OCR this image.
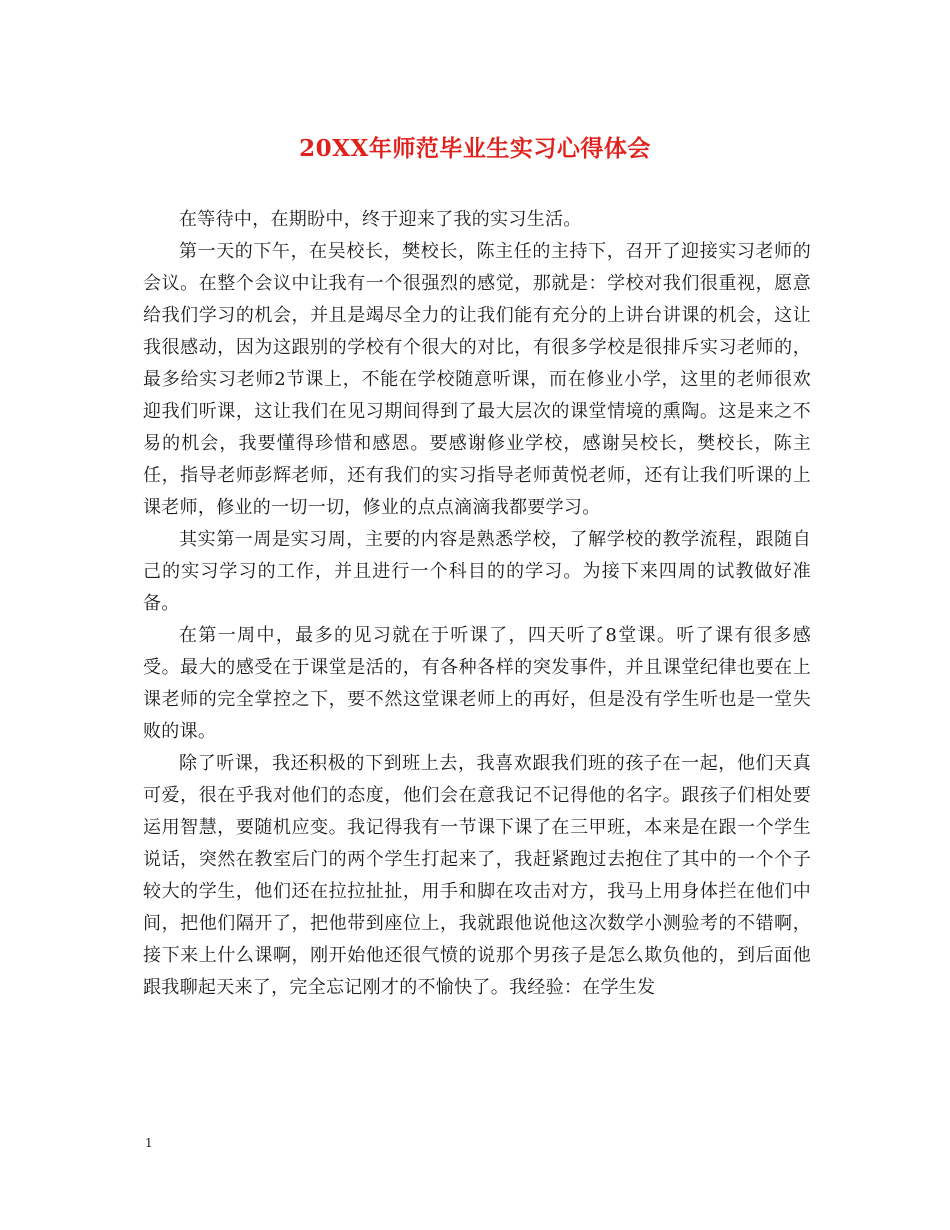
20XX年师范毕业生实习心得体会

在等待中，在期盼中，终于迎来了我的实习生活。

第一天的下午，在吴校长，樊校长，陈主任的主持下，召开了迎接实习老师的会议。在整个会议中让我有一个很强烈的感觉，那就是：学校对我们很重视，愿意给我们学习的机会，并且是竭尽全力的让我们能有充分的上讲台讲课的机会，这让我很感动，因为这跟别的学校有个很大的对比，有很多学校是很排斥实习老师的，最多给实习老师2节课上，不能在学校随意听课，而在修业小学，这里的老师很欢迎我们听课，这让我们在见习期间得到了最大层次的课堂情境的熏陶。这是来之不易的机会，我要懂得珍惜和感恩。要感谢修业学校，感谢吴校长，樊校长，陈主任，指导老师彭辉老师，还有我们的实习指导老师黄悦老师，还有让我们听课的上课老师，修业的一切一切，修业的点点滴滴我都要学习。

其实第一周是实习周，主要的内容是熟悉学校，了解学校的教学流程，跟随自己的实习学习的工作，并且进行一个科目的的学习。为接下来四周的试教做好准备。

在第一周中，最多的见习就在于听课了，四天听了8堂课。听了课有很多感受。最大的感受在于课堂是活的，有各种各样的突发事件，并且课堂纪律也要在上课老师的完全掌控之下，要不然这堂课老师上的再好，但是没有学生听也是一堂失败的课。

除了听课，我还积极的下到班上去，我喜欢跟我们班的孩子在一起，他们天真可爱，很在乎我对他们的态度，他们会在意我记不记得他的名字。跟孩子们相处要运用智慧，要随机应变。我记得我有一节课下课了在三甲班，本来是在跟一个学生说话，突然在教室后门的两个学生打起来了，我赶紧跑过去抱住了其中的一个个子较大的学生，他们还在拉拉扯扯，用手和脚在攻击对方，我马上用身体拦在他们中间，把他们隔开了，把他带到座位上，我就跟他说他这次数学小测验考的不错啊，接下来上什么课啊，刚开始他还很气愤的说那个男孩子是怎么欺负他的，到后面他跟我聊起天来了，完全忘记刚才的不愉快了。我经验：在学生发

1
